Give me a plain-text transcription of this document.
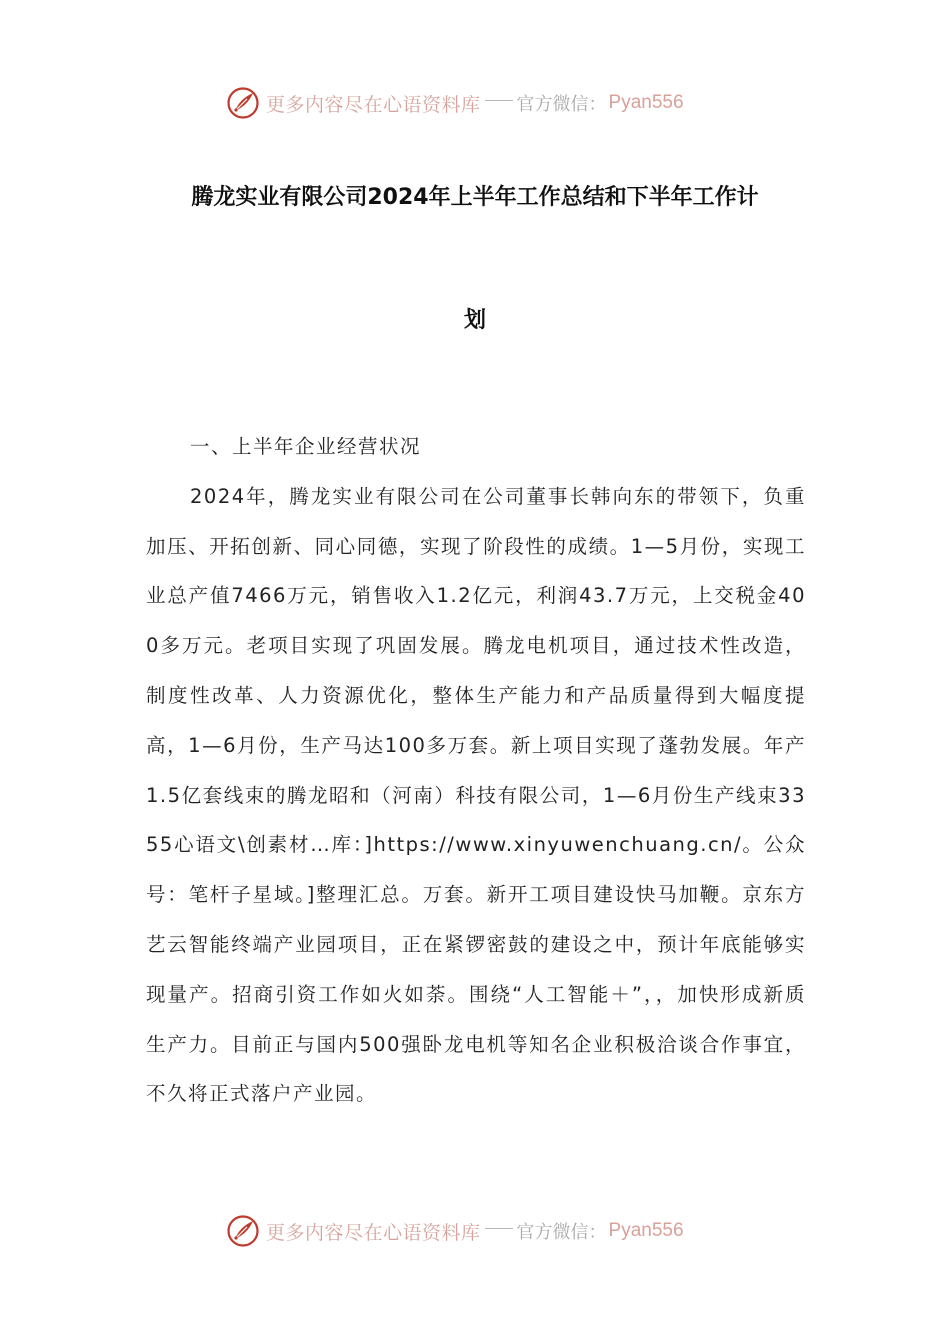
更多内容尽在心语资料库 官方微信： Pyan556
腾龙实业有限公司2024年上半年工作总结和下半年工作计
划

一、上半年企业经营状况

2024年，腾龙实业有限公司在公司董事长韩向东的带领下，负重加压、开拓创新、同心同德，实现了阶段性的成绩。1—5月份，实现工业总产值7466万元，销售收入1.2亿元，利润43.7万元，上交税金400多万元。老项目实现了巩固发展。腾龙电机项目，通过技术性改造，制度性改革、人力资源优化，整体生产能力和产品质量得到大幅度提高，1—6月份，生产马达100多万套。新上项目实现了蓬勃发展。年产1.5亿套线束的腾龙昭和（河南）科技有限公司，1—6月份生产线束3355心语文\创素材…库：]https://www.xinyuwenchuang.cn/。公众号：笔杆子星域。]整理汇总。万套。新开工项目建设快马加鞭。京东方艺云智能终端产业园项目，正在紧锣密鼓的建设之中，预计年底能够实现量产。招商引资工作如火如荼。围绕“人工智能＋”，，加快形成新质生产力。目前正与国内500强卧龙电机等知名企业积极洽谈合作事宜，不久将正式落户产业园。

更多内容尽在心语资料库 官方微信： Pyan556
